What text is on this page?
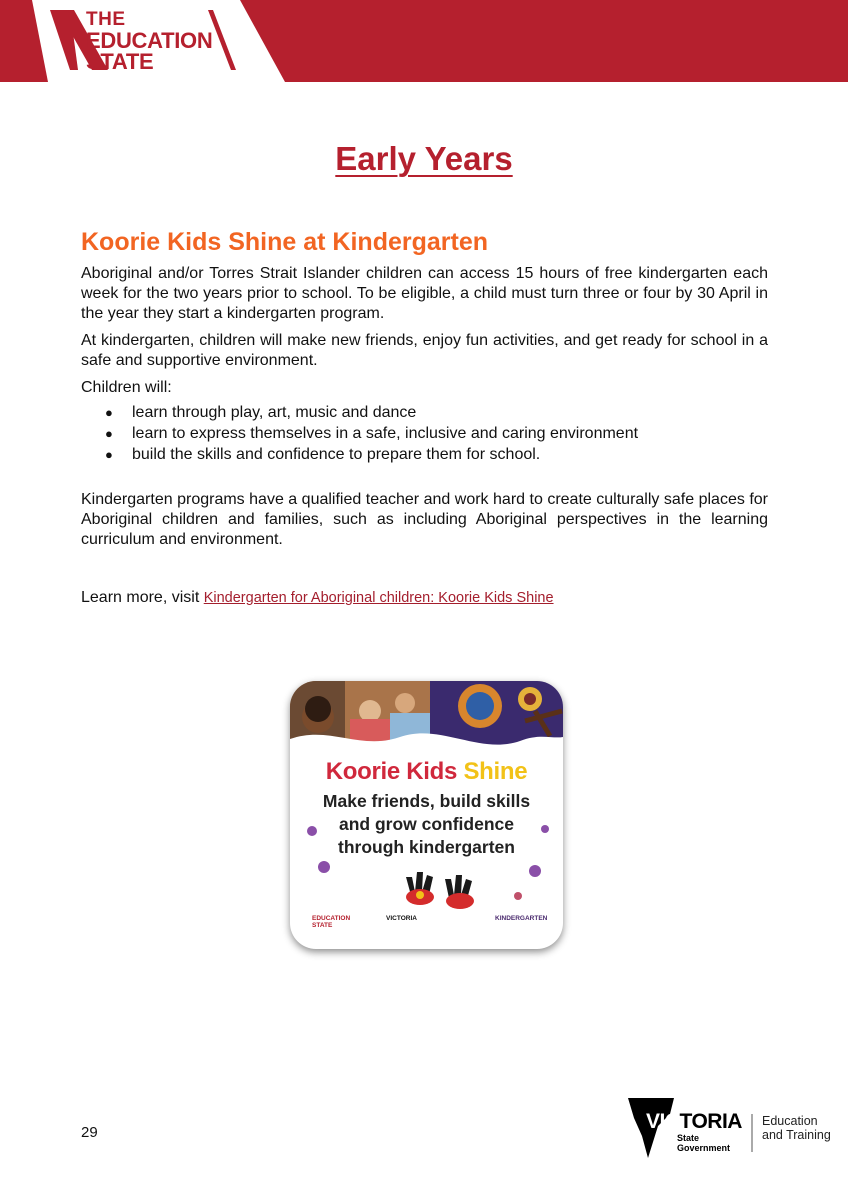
THE
EDUCATION
STATE
Early Years
Koorie Kids Shine at Kindergarten

Aboriginal and/or Torres Strait Islander children can access 15 hours of free kindergarten each week for the two years prior to school. To be eligible, a child must turn three or four by 30 April in the year they start a kindergarten program.

At kindergarten, children will make new friends, enjoy fun activities, and get ready for school in a safe and supportive environment.

Children will:

● learn through play, art, music and dance
● learn to express themselves in a safe, inclusive and caring environment
● build the skills and confidence to prepare them for school.

Kindergarten programs have a qualified teacher and work hard to create culturally safe places for Aboriginal children and families, such as including Aboriginal perspectives in the learning curriculum and environment.

Learn more, visit Kindergarten for Aboriginal children: Koorie Kids Shine

Koorie Kids Shine
Make friends, build skills
and grow confidence
through kindergarten
EDUCATION STATE
VICTORIA	KINDERGARTEN
29	VICTORIA
State
Government
Education
and Training
